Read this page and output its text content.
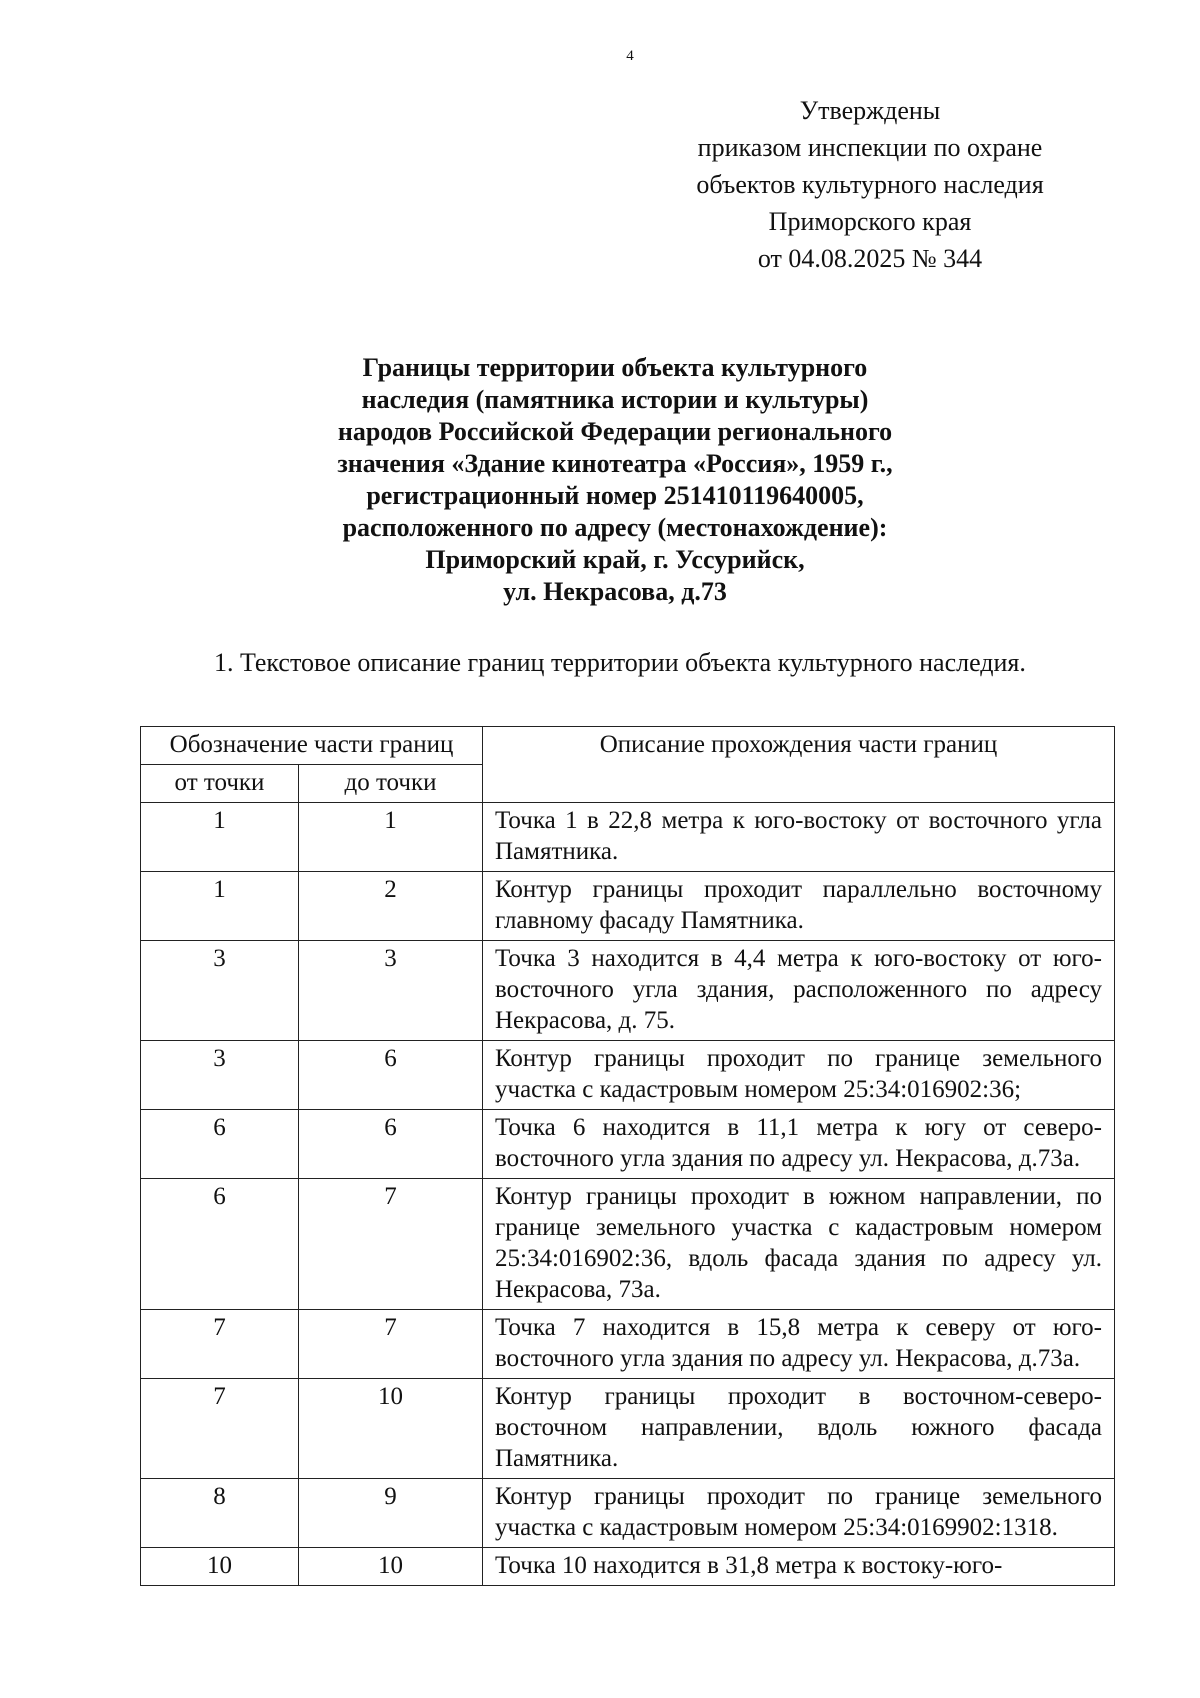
4
Утверждены
приказом инспекции по охране
объектов культурного наследия
Приморского края
от 04.08.2025 № 344
Границы территории объекта культурного
наследия (памятника истории и культуры)
народов Российской Федерации регионального
значения «Здание кинотеатра «Россия», 1959 г.,
регистрационный номер 251410119640005,
расположенного по адресу (местонахождение):
Приморский край, г. Уссурийск,
ул. Некрасова, д.73
1. Текстовое описание границ территории объекта культурного наследия.
Обозначение части границ		Описание прохождения части границ
от точки	до точки	
1	1	Точка 1 в 22,8 метра к юго-востоку от восточного угла Памятника.
1	2	Контур границы проходит параллельно восточному главному фасаду Памятника.
3	3	Точка 3 находится в 4,4 метра к юго-востоку от юго-восточного угла здания, расположенного по адресу Некрасова, д. 75.
3	6	Контур границы проходит по границе земельного участка с кадастровым номером 25:34:016902:36;
6	6	Точка 6 находится в 11,1 метра к югу от северо-восточного угла здания по адресу ул. Некрасова, д.73а.
6	7	Контур границы проходит в южном направлении, по границе земельного участка с кадастровым номером 25:34:016902:36, вдоль фасада здания по адресу ул. Некрасова, 73а.
7	7	Точка 7 находится в 15,8 метра к северу от юго-восточного угла здания по адресу ул. Некрасова, д.73а.
7	10	Контур границы проходит в восточном-северо-восточном направлении, вдоль южного фасада Памятника.
8	9	Контур границы проходит по границе земельного участка с кадастровым номером 25:34:0169902:1318.
10	10	Точка 10 находится в 31,8 метра к востоку-юго-
